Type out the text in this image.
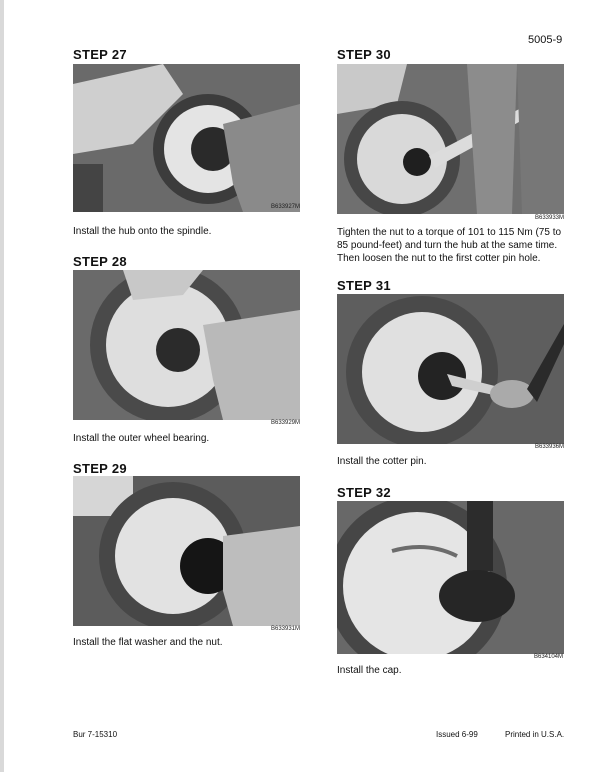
5005-9
STEP 27
B633927M
Install the hub onto the spindle.
STEP 28
B633929M
Install the outer wheel bearing.
STEP 29
B633931M
Install the flat washer and the nut.
STEP 30
B633933M
Tighten the nut to a torque of 101 to 115 Nm (75 to
85 pound-feet) and turn the hub at the same time.
Then loosen the nut to the first cotter pin hole.
STEP 31
B633936M
Install the cotter pin.
STEP 32
B634104M
Install the cap.
Bur 7-15310	Issued 6-99	Printed in U.S.A.
